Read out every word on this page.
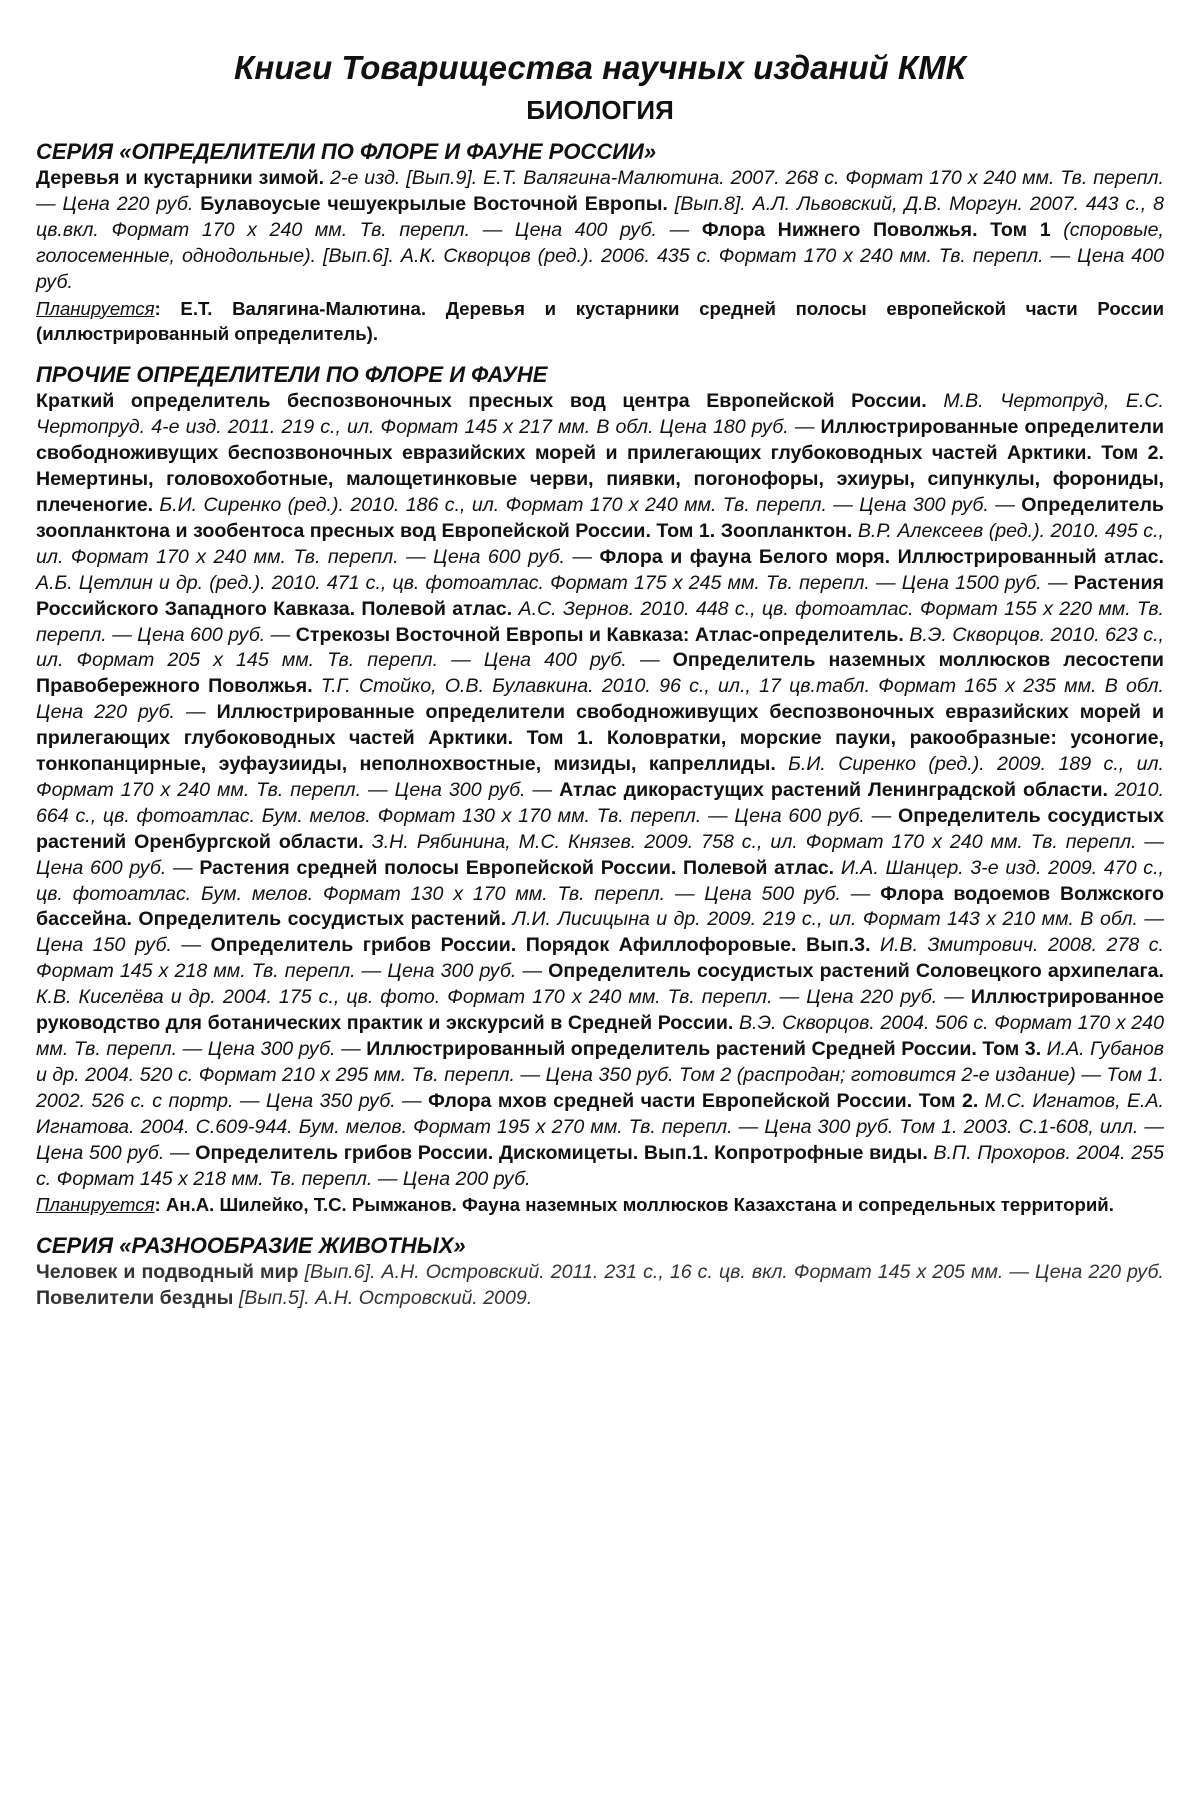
Книги Товарищества научных изданий КМК
БИОЛОГИЯ
СЕРИЯ «ОПРЕДЕЛИТЕЛИ ПО ФЛОРЕ И ФАУНЕ РОССИИ»

Деревья и кустарники зимой. 2-е изд. [Вып.9]. Е.Т. Валягина-Малютина. 2007. 268 с. Формат 170 x 240 мм. Тв. перепл. — Цена 220 руб. Булавоусые чешуекрылые Восточной Европы. [Вып.8]. А.Л. Львовский, Д.В. Моргун. 2007. 443 с., 8 цв.вкл. Формат 170 x 240 мм. Тв. перепл. — Цена 400 руб. — Флора Нижнего Поволжья. Том 1 (споровые, голосеменные, однодольные). [Вып.6]. А.К. Скворцов (ред.). 2006. 435 с. Формат 170 x 240 мм. Тв. перепл. — Цена 400 руб.

Планируется: Е.Т. Валягина-Малютина. Деревья и кустарники средней полосы европейской части России (иллюстрированный определитель).

ПРОЧИЕ ОПРЕДЕЛИТЕЛИ ПО ФЛОРЕ И ФАУНЕ

Краткий определитель беспозвоночных пресных вод центра Европейской России. М.В. Чертопруд, Е.С. Чертопруд. 4-е изд. 2011. 219 с., ил. Формат 145 x 217 мм. В обл. Цена 180 руб. — Иллюстрированные определители свободноживущих беспозвоночных евразийских морей и прилегающих глубоководных частей Арктики. Том 2. Немертины, головохоботные, малощетинковые черви, пиявки, погонофоры, эхиуры, сипункулы, форониды, плеченогие. Б.И. Сиренко (ред.). 2010. 186 с., ил. Формат 170 x 240 мм. Тв. перепл. — Цена 300 руб. — Определитель зоопланктона и зообентоса пресных вод Европейской России. Том 1. Зоопланктон. В.Р. Алексеев (ред.). 2010. 495 с., ил. Формат 170 x 240 мм. Тв. перепл. — Цена 600 руб. — Флора и фауна Белого моря. Иллюстрированный атлас. А.Б. Цетлин и др. (ред.). 2010. 471 с., цв. фотоатлас. Формат 175 x 245 мм. Тв. перепл. — Цена 1500 руб. — Растения Российского Западного Кавказа. Полевой атлас. А.С. Зернов. 2010. 448 с., цв. фотоатлас. Формат 155 x 220 мм. Тв. перепл. — Цена 600 руб. — Стрекозы Восточной Европы и Кавказа: Атлас-определитель. В.Э. Скворцов. 2010. 623 с., ил. Формат 205 x 145 мм. Тв. перепл. — Цена 400 руб. — Определитель наземных моллюсков лесостепи Правобережного Поволжья. Т.Г. Стойко, О.В. Булавкина. 2010. 96 с., ил., 17 цв.табл. Формат 165 x 235 мм. В обл. Цена 220 руб. — Иллюстрированные определители свободноживущих беспозвоночных евразийских морей и прилегающих глубоководных частей Арктики. Том 1. Коловратки, морские пауки, ракообразные: усоногие, тонкопанцирные, эуфаузииды, неполнохвостные, мизиды, капреллиды. Б.И. Сиренко (ред.). 2009. 189 с., ил. Формат 170 x 240 мм. Тв. перепл. — Цена 300 руб. — Атлас дикорастущих растений Ленинградской области. 2010. 664 с., цв. фотоатлас. Бум. мелов. Формат 130 x 170 мм. Тв. перепл. — Цена 600 руб. — Определитель сосудистых растений Оренбургской области. З.Н. Рябинина, М.С. Князев. 2009. 758 с., ил. Формат 170 x 240 мм. Тв. перепл. — Цена 600 руб. — Растения средней полосы Европейской России. Полевой атлас. И.А. Шанцер. 3-е изд. 2009. 470 с., цв. фотоатлас. Бум. мелов. Формат 130 x 170 мм. Тв. перепл. — Цена 500 руб. — Флора водоемов Волжского бассейна. Определитель сосудистых растений. Л.И. Лисицына и др. 2009. 219 с., ил. Формат 143 x 210 мм. В обл. — Цена 150 руб. — Определитель грибов России. Порядок Афиллофоровые. Вып.3. И.В. Змитрович. 2008. 278 с. Формат 145 x 218 мм. Тв. перепл. — Цена 300 руб. — Определитель сосудистых растений Соловецкого архипелага. К.В. Киселёва и др. 2004. 175 с., цв. фото. Формат 170 x 240 мм. Тв. перепл. — Цена 220 руб. — Иллюстрированное руководство для ботанических практик и экскурсий в Средней России. В.Э. Скворцов. 2004. 506 с. Формат 170 x 240 мм. Тв. перепл. — Цена 300 руб. — Иллюстрированный определитель растений Средней России. Том 3. И.А. Губанов и др. 2004. 520 с. Формат 210 x 295 мм. Тв. перепл. — Цена 350 руб. Том 2 (распродан; готовится 2-е издание) — Том 1. 2002. 526 с. с портр. — Цена 350 руб. — Флора мхов средней части Европейской России. Том 2. М.С. Игнатов, Е.А. Игнатова. 2004. С.609-944. Бум. мелов. Формат 195 x 270 мм. Тв. перепл. — Цена 300 руб. Том 1. 2003. С.1-608, илл. — Цена 500 руб. — Определитель грибов России. Дискомицеты. Вып.1. Копротрофные виды. В.П. Прохоров. 2004. 255 с. Формат 145 x 218 мм. Тв. перепл. — Цена 200 руб.

Планируется: Ан.А. Шилейко, Т.С. Рымжанов. Фауна наземных моллюсков Казахстана и сопредельных территорий.

СЕРИЯ «РАЗНООБРАЗИЕ ЖИВОТНЫХ»

Человек и подводный мир [Вып.6]. А.Н. Островский. 2011. 231 с., 16 с. цв. вкл. Формат 145 x 205 мм. — Цена 220 руб. Повелители бездны [Вып.5]. А.Н. Островский. 2009.
